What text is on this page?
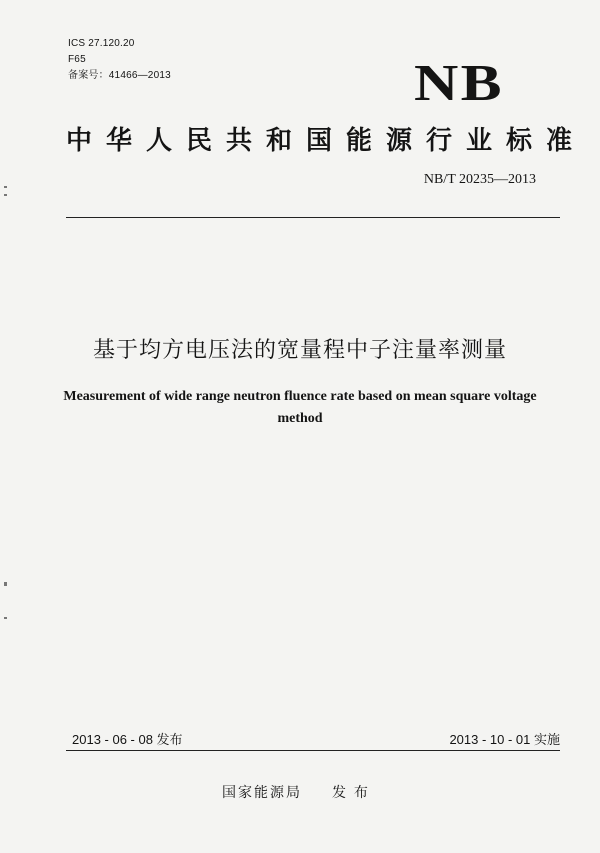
ICS 27.120.20
F65
备案号：41466—2013	NB
中华人民共和国能源行业标准
NB/T 20235—2013
基于均方电压法的宽量程中子注量率测量
Measurement of wide range neutron fluence rate based on mean square voltage method
2013 - 06 - 08 发布	2013 - 10 - 01 实施
国家能源局 发 布
